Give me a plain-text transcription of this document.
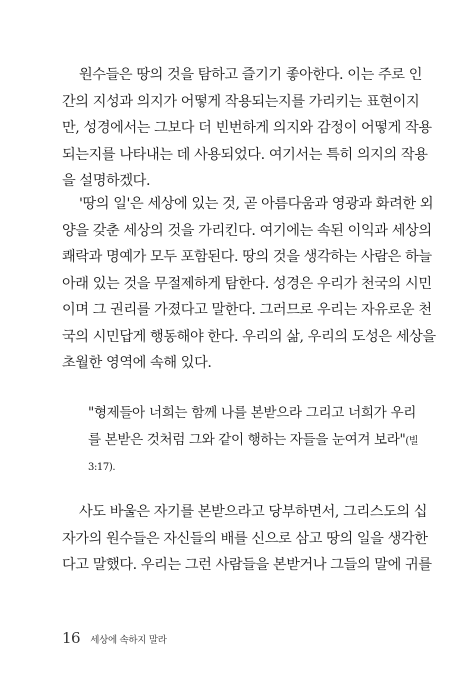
원수들은 땅의 것을 탐하고 즐기기 좋아한다. 이는 주로 인
간의 지성과 의지가 어떻게 작용되는지를 가리키는 표현이지
만, 성경에서는 그보다 더 빈번하게 의지와 감정이 어떻게 작용
되는지를 나타내는 데 사용되었다. 여기서는 특히 의지의 작용
을 설명하겠다.
'땅의 일'은 세상에 있는 것, 곧 아름다움과 영광과 화려한 외
양을 갖춘 세상의 것을 가리킨다. 여기에는 속된 이익과 세상의
쾌락과 명예가 모두 포함된다. 땅의 것을 생각하는 사람은 하늘
아래 있는 것을 무절제하게 탐한다. 성경은 우리가 천국의 시민
이며 그 권리를 가졌다고 말한다. 그러므로 우리는 자유로운 천
국의 시민답게 행동해야 한다. 우리의 삶, 우리의 도성은 세상을
초월한 영역에 속해 있다.
"형제들아 너희는 함께 나를 본받으라 그리고 너희가 우리
를 본받은 것처럼 그와 같이 행하는 자들을 눈여겨 보라"(빌
3:17).
사도 바울은 자기를 본받으라고 당부하면서, 그리스도의 십
자가의 원수들은 자신들의 배를 신으로 삼고 땅의 일을 생각한
다고 말했다. 우리는 그런 사람들을 본받거나 그들의 말에 귀를
16 세상에 속하지 말라
